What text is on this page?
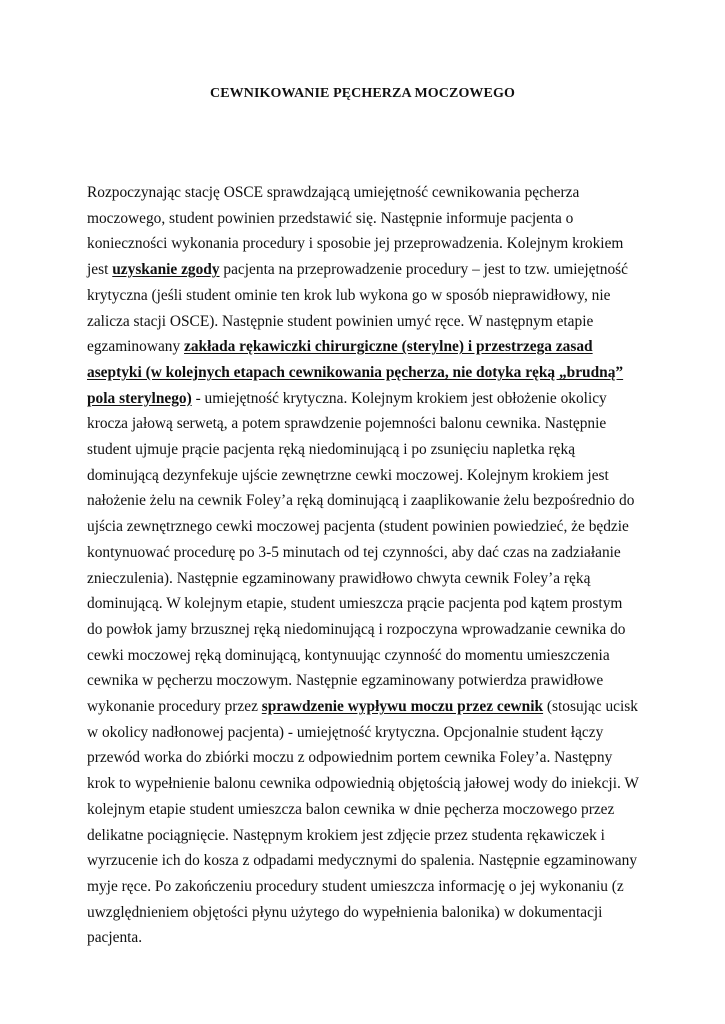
CEWNIKOWANIE PĘCHERZA MOCZOWEGO

Rozpoczynając stację OSCE sprawdzającą umiejętność cewnikowania pęcherza moczowego, student powinien przedstawić się. Następnie informuje pacjenta o konieczności wykonania procedury i sposobie jej przeprowadzenia. Kolejnym krokiem jest uzyskanie zgody pacjenta na przeprowadzenie procedury – jest to tzw. umiejętność krytyczna (jeśli student ominie ten krok lub wykona go w sposób nieprawidłowy, nie zalicza stacji OSCE). Następnie student powinien umyć ręce. W następnym etapie egzaminowany zakłada rękawiczki chirurgiczne (sterylne) i przestrzega zasad aseptyki (w kolejnych etapach cewnikowania pęcherza, nie dotyka ręką „brudną” pola sterylnego) - umiejętność krytyczna. Kolejnym krokiem jest obłożenie okolicy krocza jałową serwetą, a potem sprawdzenie pojemności balonu cewnika. Następnie student ujmuje prącie pacjenta ręką niedominującą i po zsunięciu napletka ręką dominującą dezynfekuje ujście zewnętrzne cewki moczowej. Kolejnym krokiem jest nałożenie żelu na cewnik Foley’a ręką dominującą i zaaplikowanie żelu bezpośrednio do ujścia zewnętrznego cewki moczowej pacjenta (student powinien powiedzieć, że będzie kontynuować procedurę po 3-5 minutach od tej czynności, aby dać czas na zadziałanie znieczulenia). Następnie egzaminowany prawidłowo chwyta cewnik Foley’a ręką dominującą. W kolejnym etapie, student umieszcza prącie pacjenta pod kątem prostym do powłok jamy brzusznej ręką niedominującą i rozpoczyna wprowadzanie cewnika do cewki moczowej ręką dominującą, kontynuując czynność do momentu umieszczenia cewnika w pęcherzu moczowym. Następnie egzaminowany potwierdza prawidłowe wykonanie procedury przez sprawdzenie wypływu moczu przez cewnik (stosując ucisk w okolicy nadłonowej pacjenta) - umiejętność krytyczna. Opcjonalnie student łączy przewód worka do zbiórki moczu z odpowiednim portem cewnika Foley’a. Następny krok to wypełnienie balonu cewnika odpowiednią objętością jałowej wody do iniekcji. W kolejnym etapie student umieszcza balon cewnika w dnie pęcherza moczowego przez delikatne pociągnięcie. Następnym krokiem jest zdjęcie przez studenta rękawiczek i wyrzucenie ich do kosza z odpadami medycznymi do spalenia. Następnie egzaminowany myje ręce. Po zakończeniu procedury student umieszcza informację o jej wykonaniu (z uwzględnieniem objętości płynu użytego do wypełnienia balonika) w dokumentacji pacjenta.
